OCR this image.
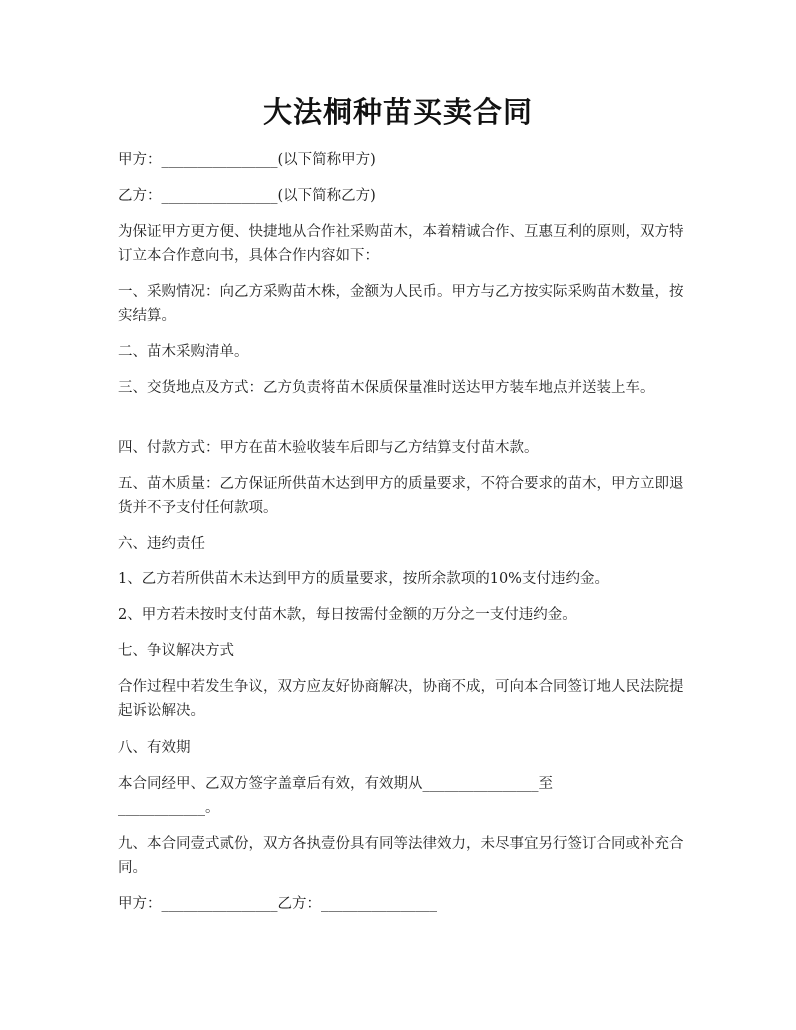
大法桐种苗买卖合同
甲方：________________(以下简称甲方)
乙方：________________(以下简称乙方)
为保证甲方更方便、快捷地从合作社采购苗木，本着精诚合作、互惠互利的原则，双方特订立本合作意向书，具体合作内容如下：
一、采购情况：向乙方采购苗木株，金额为人民币。甲方与乙方按实际采购苗木数量，按实结算。
二、苗木采购清单。
三、交货地点及方式：乙方负责将苗木保质保量准时送达甲方装车地点并送装上车。
四、付款方式：甲方在苗木验收装车后即与乙方结算支付苗木款。
五、苗木质量：乙方保证所供苗木达到甲方的质量要求，不符合要求的苗木，甲方立即退货并不予支付任何款项。
六、违约责任
1、乙方若所供苗木未达到甲方的质量要求，按所余款项的10%支付违约金。
2、甲方若未按时支付苗木款，每日按需付金额的万分之一支付违约金。
七、争议解决方式
合作过程中若发生争议，双方应友好协商解决，协商不成，可向本合同签订地人民法院提起诉讼解决。
八、有效期
本合同经甲、乙双方签字盖章后有效，有效期从________________至
____________。
九、本合同壹式贰份，双方各执壹份具有同等法律效力，未尽事宜另行签订合同或补充合同。
甲方：________________乙方：________________
